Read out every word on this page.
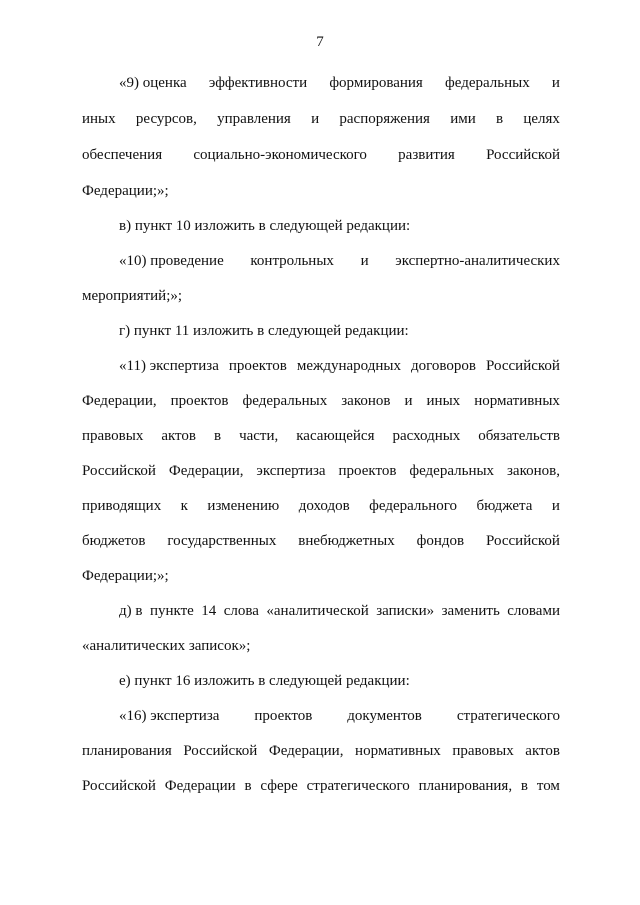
7
«9) оценка эффективности формирования федеральных и
иных ресурсов, управления и распоряжения ими в целях
обеспечения социально-экономического развития Российской
Федерации;»;
в) пункт 10 изложить в следующей редакции:
«10) проведение контрольных и экспертно-аналитических
мероприятий;»;
г) пункт 11 изложить в следующей редакции:
«11) экспертиза проектов международных договоров Российской
Федерации, проектов федеральных законов и иных нормативных
правовых актов в части, касающейся расходных обязательств
Российской Федерации, экспертиза проектов федеральных законов,
приводящих к изменению доходов федерального бюджета и
бюджетов государственных внебюджетных фондов Российской
Федерации;»;
д) в пункте 14 слова «аналитической записки» заменить словами
«аналитических записок»;
е) пункт 16 изложить в следующей редакции:
«16) экспертиза проектов документов стратегического
планирования Российской Федерации, нормативных правовых актов
Российской Федерации в сфере стратегического планирования, в том
